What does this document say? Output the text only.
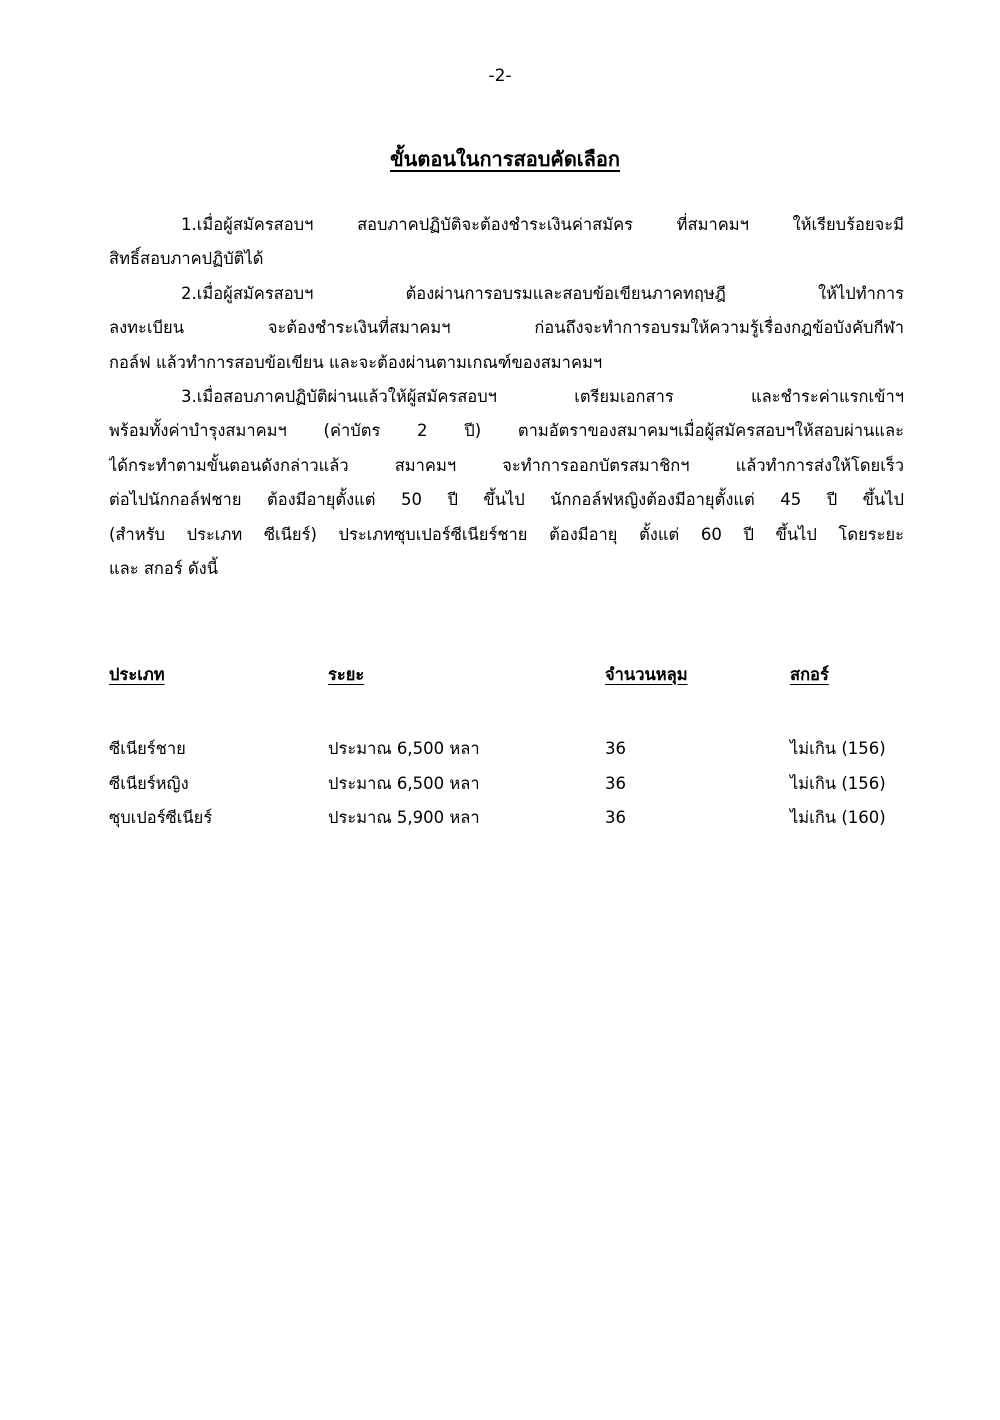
-2-
ขั้นตอนในการสอบคัดเลือก
1.เมื่อผู้สมัครสอบฯ สอบภาคปฏิบัติจะต้องชำระเงินค่าสมัคร ที่สมาคมฯ ให้เรียบร้อยจะมี
สิทธิ์สอบภาคปฏิบัติได้
2.เมื่อผู้สมัครสอบฯ ต้องผ่านการอบรมและสอบข้อเขียนภาคทฤษฎี ให้ไปทำการ
ลงทะเบียน จะต้องชำระเงินที่สมาคมฯ ก่อนถึงจะทำการอบรมให้ความรู้เรื่องกฎข้อบังคับกีฬา
กอล์ฟ แล้วทำการสอบข้อเขียน และจะต้องผ่านตามเกณฑ์ของสมาคมฯ
3.เมื่อสอบภาคปฏิบัติผ่านแล้วให้ผู้สมัครสอบฯ เตรียมเอกสาร และชำระค่าแรกเข้าฯ
พร้อมทั้งค่าบำรุงสมาคมฯ (ค่าบัตร 2 ปี) ตามอัตราของสมาคมฯเมื่อผู้สมัครสอบฯให้สอบผ่านและ
ได้กระทำตามขั้นตอนดังกล่าวแล้ว สมาคมฯ จะทำการออกบัตรสมาชิกฯ แล้วทำการส่งให้โดยเร็ว
ต่อไปนักกอล์ฟชาย ต้องมีอายุตั้งแต่ 50 ปี ขึ้นไป นักกอล์ฟหญิงต้องมีอายุตั้งแต่ 45 ปี ขึ้นไป
(สำหรับ ประเภท ซีเนียร์) ประเภทซุบเปอร์ซีเนียร์ชาย ต้องมีอายุ ตั้งแต่ 60 ปี ขึ้นไป โดยระยะ
และ สกอร์ ดังนี้
ประเภท	ระยะ	จำนวนหลุม	สกอร์
ซีเนียร์ชาย	ประมาณ 6,500 หลา	36	ไม่เกิน (156)
ซีเนียร์หญิง	ประมาณ 6,500 หลา	36	ไม่เกิน (156)
ซุบเปอร์ซีเนียร์	ประมาณ 5,900 หลา	36	ไม่เกิน (160)
